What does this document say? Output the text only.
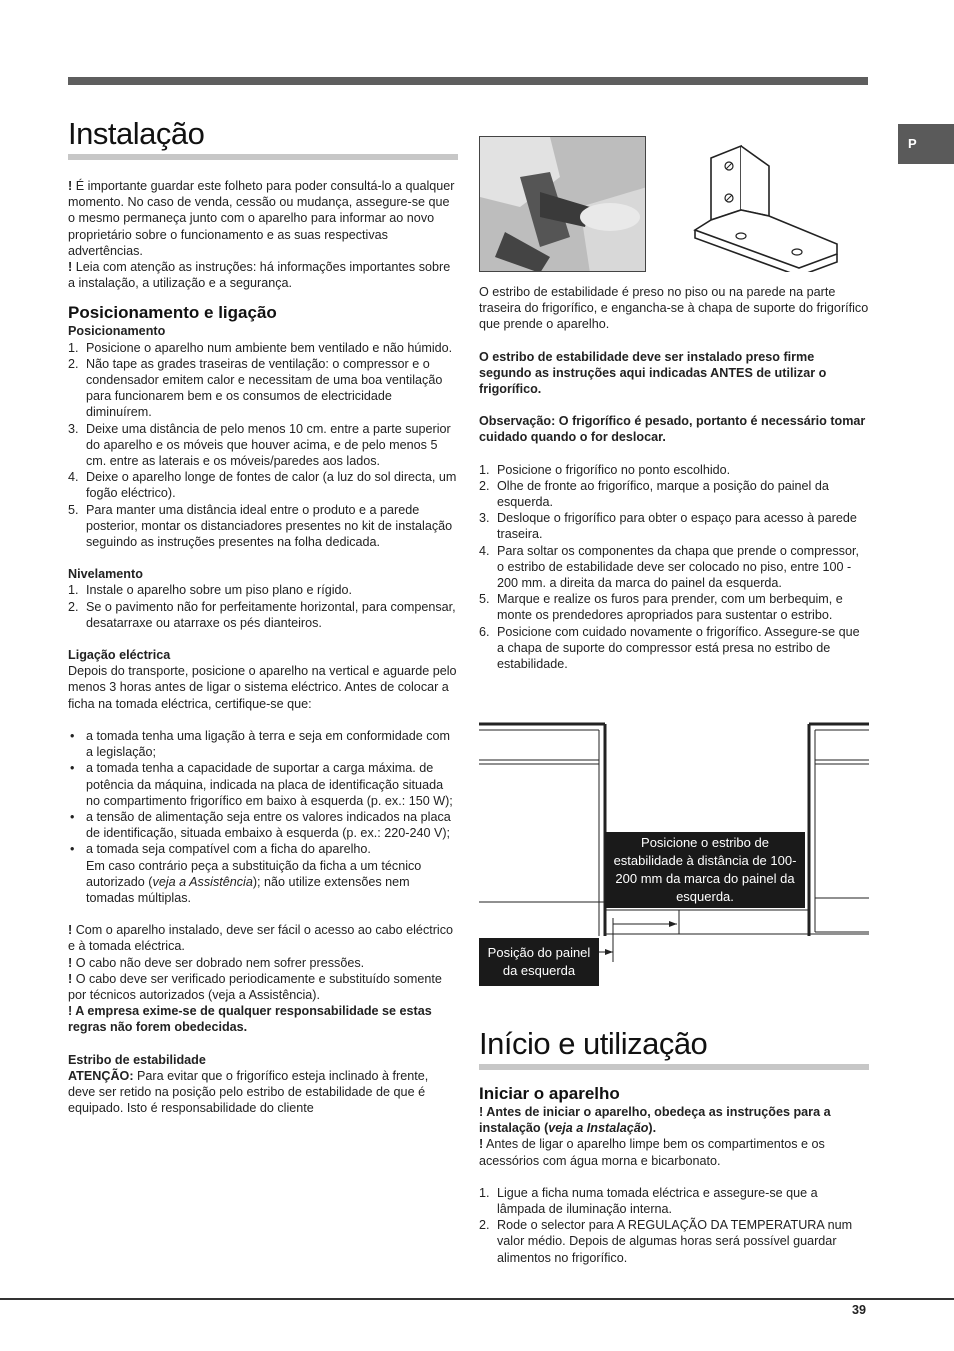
P
Instalação

! É importante guardar este folheto para poder consultá-lo a qualquer momento. No caso de venda, cessão ou mudança, assegure-se que o mesmo permaneça junto com o aparelho para informar ao novo proprietário sobre o funcionamento e as suas respectivas advertências.

! Leia com atenção as instruções: há informações importantes sobre a instalação, a utilização e a segurança.

Posicionamento e ligação
Posicionamento
1. Posicione o aparelho num ambiente bem ventilado e não húmido.
2. Não tape as grades traseiras de ventilação: o compressor e o condensador emitem calor e necessitam de uma boa ventilação para funcionarem bem e os consumos de electricidade diminuírem.
3. Deixe uma distância de pelo menos 10 cm. entre a parte superior do aparelho e os móveis que houver acima, e de pelo menos 5 cm. entre as laterais e os móveis/paredes aos lados.
4. Deixe o aparelho longe de fontes de calor (a luz do sol directa, um fogão eléctrico).
5. Para manter uma distância ideal entre o produto e a parede posterior, montar os distanciadores presentes no kit de instalação seguindo as instruções presentes na folha dedicada.
Nivelamento
1. Instale o aparelho sobre um piso plano e rígido.
2. Se o pavimento não for perfeitamente horizontal, para compensar, desatarraxe ou atarraxe os pés dianteiros.
Ligação eléctrica

Depois do transporte, posicione o aparelho na vertical e aguarde pelo menos 3 horas antes de ligar o sistema eléctrico. Antes de colocar a ficha na tomada eléctrica, certifique-se que:

• a tomada tenha uma ligação à terra e seja em conformidade com a legislação;
• a tomada tenha a capacidade de suportar a carga máxima. de potência da máquina, indicada na placa de identificação situada no compartimento frigorífico em baixo à esquerda (p. ex.: 150 W);
• a tensão de alimentação seja entre os valores indicados na placa de identificação, situada embaixo à esquerda (p. ex.: 220-240 V);
• a tomada seja compatível com a ficha do aparelho.
Em caso contrário peça a substituição da ficha a um técnico autorizado (veja a Assistência); não utilize extensões nem tomadas múltiplas.

! Com o aparelho instalado, deve ser fácil o acesso ao cabo eléctrico e à tomada eléctrica.

! O cabo não deve ser dobrado nem sofrer pressões.

! O cabo deve ser verificado periodicamente e substituído somente por técnicos autorizados (veja a Assistência).

! A empresa exime-se de qualquer responsabilidade se estas regras não forem obedecidas.

Estribo de estabilidade

ATENÇÃO: Para evitar que o frigorífico esteja inclinado à frente, deve ser retido na posição pelo estribo de estabilidade de que é equipado. Isto é responsabilidade do cliente

O estribo de estabilidade é preso no piso ou na parede na parte traseira do frigorífico, e engancha-se à chapa de suporte do frigorífico que prende o aparelho.

O estribo de estabilidade deve ser instalado preso firme segundo as instruções aqui indicadas ANTES de utilizar o frigorífico.

Observação: O frigorífico é pesado, portanto é necessário tomar cuidado quando o for deslocar.

1. Posicione o frigorífico no ponto escolhido.
2. Olhe de fronte ao frigorífico, marque a posição do painel da esquerda.
3. Desloque o frigorífico para obter o espaço para acesso à parede traseira.
4. Para soltar os componentes da chapa que prende o compressor, o estribo de estabilidade deve ser colocado no piso, entre 100 - 200 mm. a direita da marca do painel da esquerda.
5. Marque e realize os furos para prender, com um berbequim, e monte os prendedores apropriados para sustentar o estribo.
6. Posicione com cuidado novamente o frigorífico. Assegure-se que a chapa de suporte do compressor está presa no estribo de estabilidade.
Posicione o estribo de estabilidade à distância de 100-200 mm da marca do painel da esquerda.
Posição do painel da esquerda
Início e utilização
Iniciar o aparelho

! Antes de iniciar o aparelho, obedeça as instruções para a instalação (veja a Instalação).

! Antes de ligar o aparelho limpe bem os compartimentos e os acessórios com água morna e bicarbonato.

1. Ligue a ficha numa tomada eléctrica e assegure-se que a lâmpada de iluminação interna.
2. Rode o selector para A REGULAÇÃO DA TEMPERATURA num valor médio. Depois de algumas horas será possível guardar alimentos no frigorífico.
39
